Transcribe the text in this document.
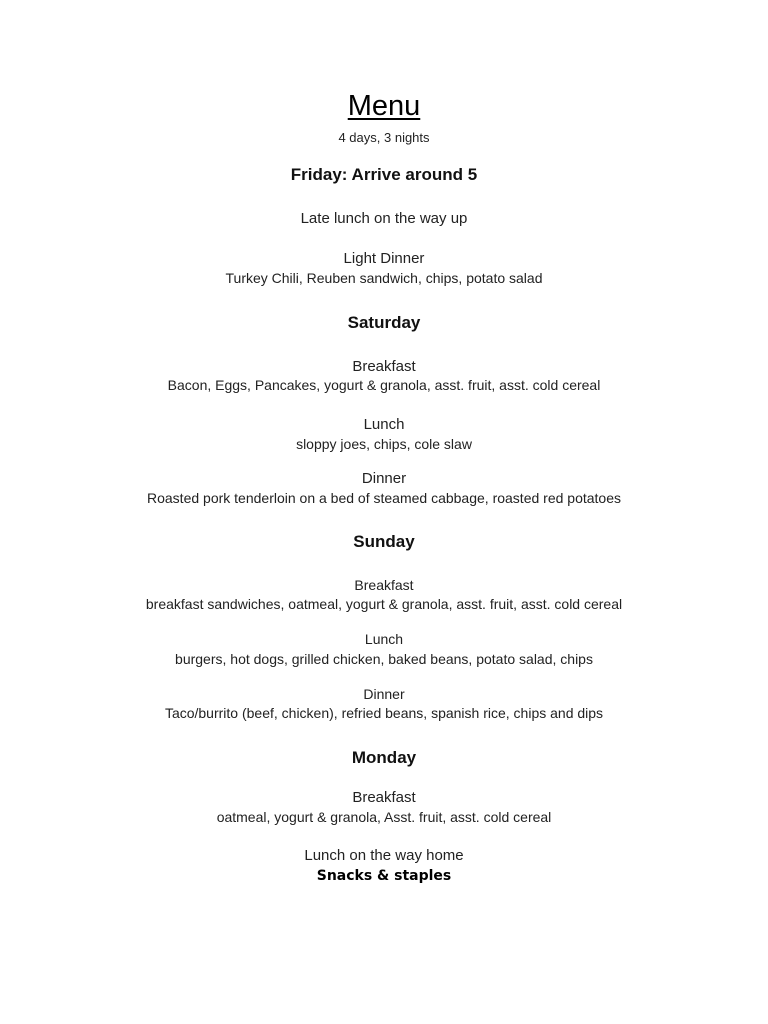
Menu
4 days, 3 nights
Friday: Arrive around 5
Late lunch on the way up
Light Dinner
Turkey Chili, Reuben sandwich, chips, potato salad
Saturday
Breakfast
Bacon, Eggs, Pancakes, yogurt & granola, asst. fruit, asst. cold cereal
Lunch
sloppy joes, chips, cole slaw
Dinner
Roasted pork tenderloin on a bed of steamed cabbage, roasted red potatoes
Sunday
Breakfast
breakfast sandwiches, oatmeal, yogurt & granola, asst. fruit, asst. cold cereal
Lunch
burgers, hot dogs, grilled chicken, baked beans, potato salad, chips
Dinner
Taco/burrito (beef, chicken), refried beans, spanish rice, chips and dips
Monday
Breakfast
oatmeal, yogurt & granola, Asst. fruit, asst. cold cereal
Lunch on the way home
Snacks & staples
